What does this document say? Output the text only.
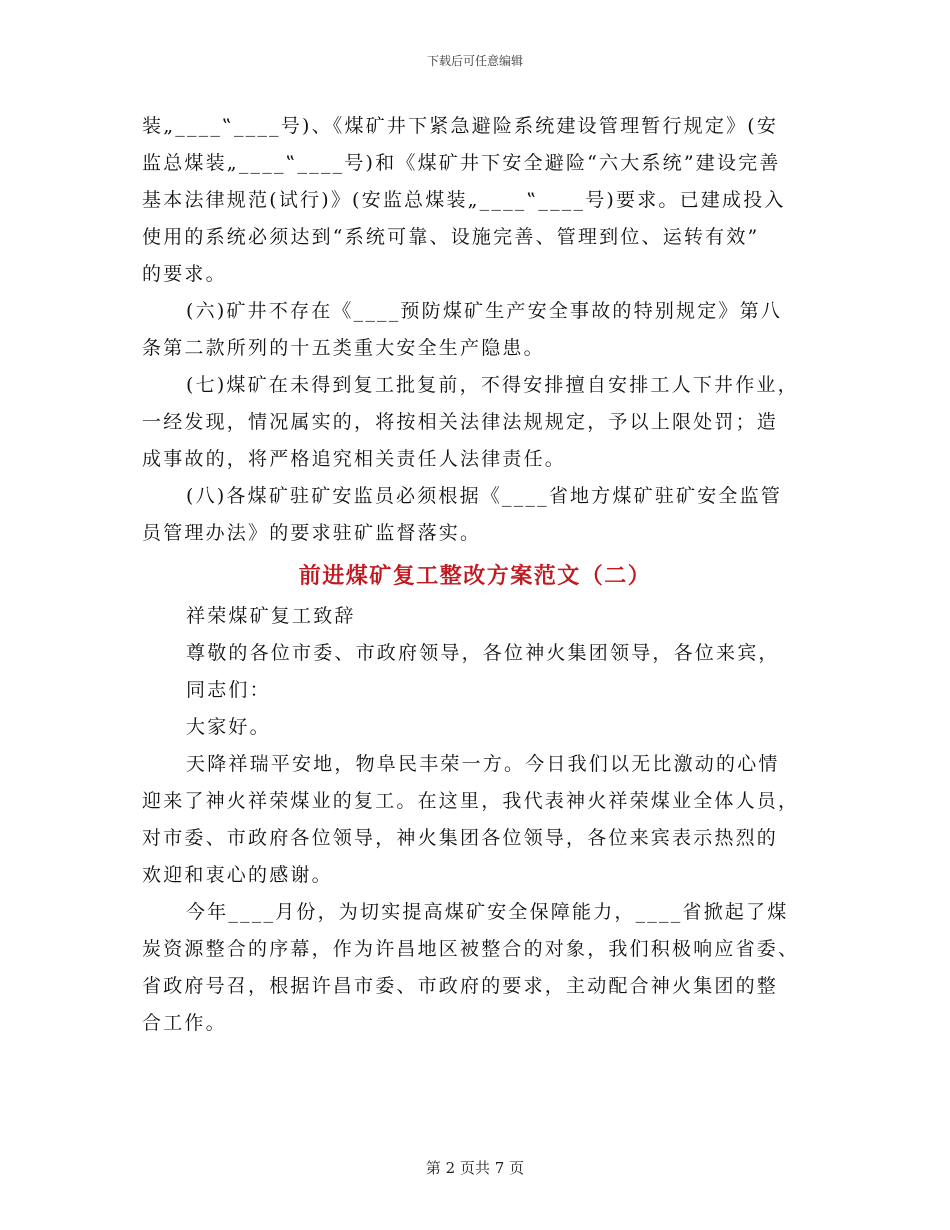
下载后可任意编辑
装„____‟____号)、《煤矿井下紧急避险系统建设管理暂行规定》(安
监总煤装„____‟____号)和《煤矿井下安全避险“六大系统”建设完善
基本法律规范(试行)》(安监总煤装„____‟____号)要求。已建成投入
使用的系统必须达到“系统可靠、设施完善、管理到位、运转有效”
的要求。
(六)矿井不存在《____预防煤矿生产安全事故的特别规定》第八
条第二款所列的十五类重大安全生产隐患。
(七)煤矿在未得到复工批复前，不得安排擅自安排工人下井作业，
一经发现，情况属实的，将按相关法律法规规定，予以上限处罚；造
成事故的，将严格追究相关责任人法律责任。
(八)各煤矿驻矿安监员必须根据《____省地方煤矿驻矿安全监管
员管理办法》的要求驻矿监督落实。
前进煤矿复工整改方案范文（二）
祥荣煤矿复工致辞
尊敬的各位市委、市政府领导，各位神火集团领导，各位来宾，
同志们：
大家好。
天降祥瑞平安地，物阜民丰荣一方。今日我们以无比激动的心情
迎来了神火祥荣煤业的复工。在这里，我代表神火祥荣煤业全体人员，
对市委、市政府各位领导，神火集团各位领导，各位来宾表示热烈的
欢迎和衷心的感谢。
今年____月份，为切实提高煤矿安全保障能力，____省掀起了煤
炭资源整合的序幕，作为许昌地区被整合的对象，我们积极响应省委、
省政府号召，根据许昌市委、市政府的要求，主动配合神火集团的整
合工作。
第 2 页共 7 页
